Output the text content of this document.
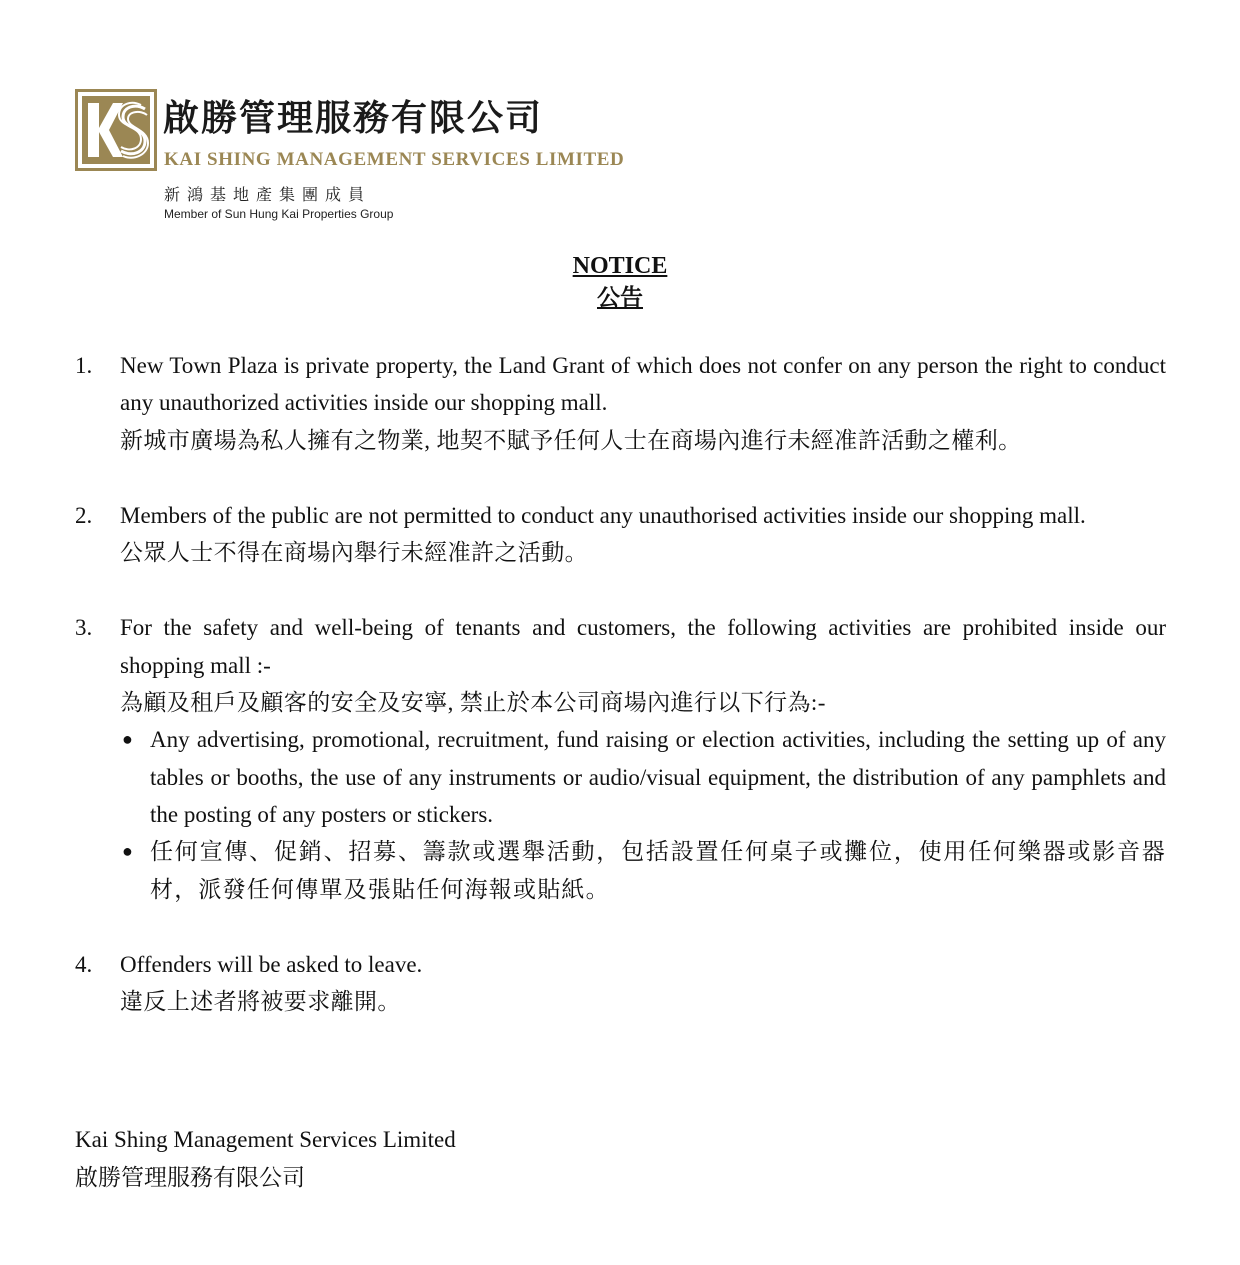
啟勝管理服務有限公司
KAI SHING MANAGEMENT SERVICES LIMITED
新鴻基地產集團成員
Member of Sun Hung Kai Properties Group
NOTICE
公告
1. New Town Plaza is private property, the Land Grant of which does not confer on any person the right to conduct any unauthorized activities inside our shopping mall.
新城市廣場為私人擁有之物業, 地契不賦予任何人士在商場內進行未經准許活動之權利。
2. Members of the public are not permitted to conduct any unauthorised activities inside our shopping mall.
公眾人士不得在商場內舉行未經准許之活動。
3. For the safety and well-being of tenants and customers, the following activities are prohibited inside our shopping mall :-
為顧及租戶及顧客的安全及安寧, 禁止於本公司商場內進行以下行為:-
● Any advertising, promotional, recruitment, fund raising or election activities, including the setting up of any tables or booths, the use of any instruments or audio/visual equipment, the distribution of any pamphlets and the posting of any posters or stickers.
● 任何宣傳、促銷、招募、籌款或選舉活動，包括設置任何桌子或攤位，使用任何樂器或影音器材，派發任何傳單及張貼任何海報或貼紙。
4. Offenders will be asked to leave.
違反上述者將被要求離開。
Kai Shing Management Services Limited
啟勝管理服務有限公司
